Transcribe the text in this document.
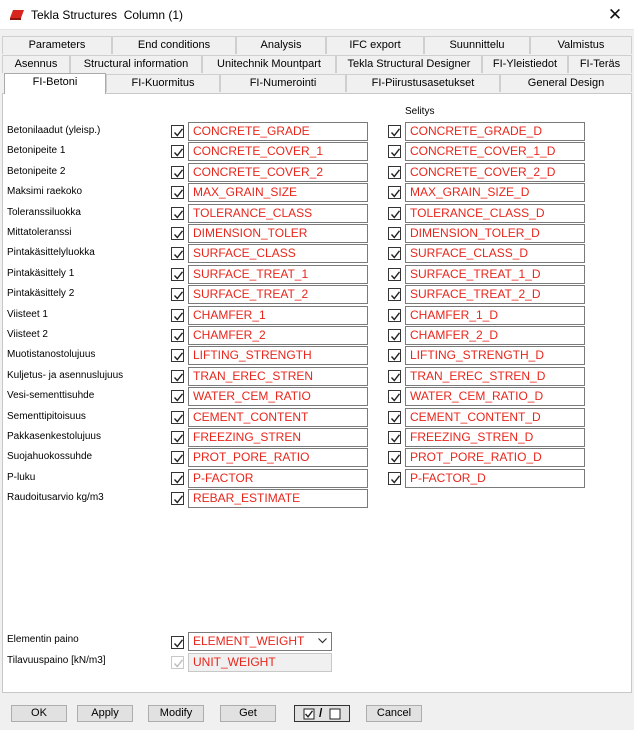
Tekla Structures  Column (1)	✕
Parameters	End conditions	Analysis	IFC export	Suunnittelu	Valmistus
Asennus	Structural information	Unitechnik Mountpart	Tekla Structural Designer	FI-Yleistiedot	FI-Teräs
FI-Betoni	FI-Kuormitus	FI-Numerointi	FI-Piirustusasetukset	General Design
Selitys
Betonilaadut (yleisp.)	CONCRETE_GRADE	CONCRETE_GRADE_D
Betonipeite 1	CONCRETE_COVER_1	CONCRETE_COVER_1_D
Betonipeite 2	CONCRETE_COVER_2	CONCRETE_COVER_2_D
Maksimi raekoko	MAX_GRAIN_SIZE	MAX_GRAIN_SIZE_D
Toleranssiluokka	TOLERANCE_CLASS	TOLERANCE_CLASS_D
Mittatoleranssi	DIMENSION_TOLER	DIMENSION_TOLER_D
Pintakäsittelyluokka	SURFACE_CLASS	SURFACE_CLASS_D
Pintakäsittely 1	SURFACE_TREAT_1	SURFACE_TREAT_1_D
Pintakäsittely 2	SURFACE_TREAT_2	SURFACE_TREAT_2_D
Viisteet 1	CHAMFER_1	CHAMFER_1_D
Viisteet 2	CHAMFER_2	CHAMFER_2_D
Muotistanostolujuus	LIFTING_STRENGTH	LIFTING_STRENGTH_D
Kuljetus- ja asennuslujuus	TRAN_EREC_STREN	TRAN_EREC_STREN_D
Vesi-sementtisuhde	WATER_CEM_RATIO	WATER_CEM_RATIO_D
Sementtipitoisuus	CEMENT_CONTENT	CEMENT_CONTENT_D
Pakkasenkestolujuus	FREEZING_STREN	FREEZING_STREN_D
Suojahuokossuhde	PROT_PORE_RATIO	PROT_PORE_RATIO_D
P-luku	P-FACTOR	P-FACTOR_D
Raudoitusarvio kg/m3	REBAR_ESTIMATE
Elementin paino	ELEMENT_WEIGHT
Tilavuuspaino [kN/m3]	UNIT_WEIGHT
OK	Apply	Modify	Get	/	Cancel
